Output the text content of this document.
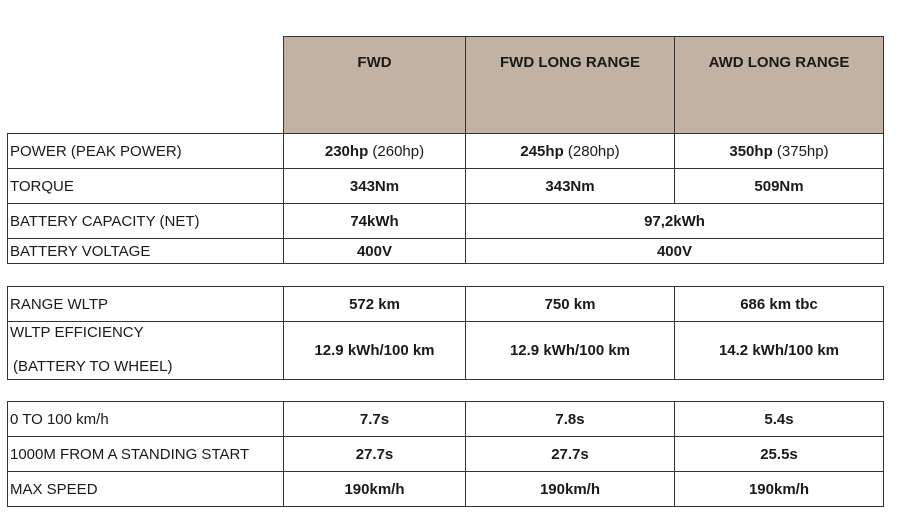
	FWD	FWD LONG RANGE	AWD LONG RANGE
POWER (PEAK POWER)	230hp (260hp)	245hp (280hp)	350hp (375hp)
TORQUE	343Nm	343Nm	509Nm
BATTERY CAPACITY (NET)	74kWh	97,2kWh	
BATTERY VOLTAGE	400V	400V	
RANGE WLTP	572 km	750 km	686 km tbc

WLTP EFFICIENCY
(BATTERY TO WHEEL)	12.9 kWh/100 km	12.9 kWh/100 km	14.2 kWh/100 km
0 TO 100 km/h	7.7s	7.8s	5.4s
1000M FROM A STANDING START	27.7s	27.7s	25.5s
MAX SPEED	190km/h	190km/h	190km/h
